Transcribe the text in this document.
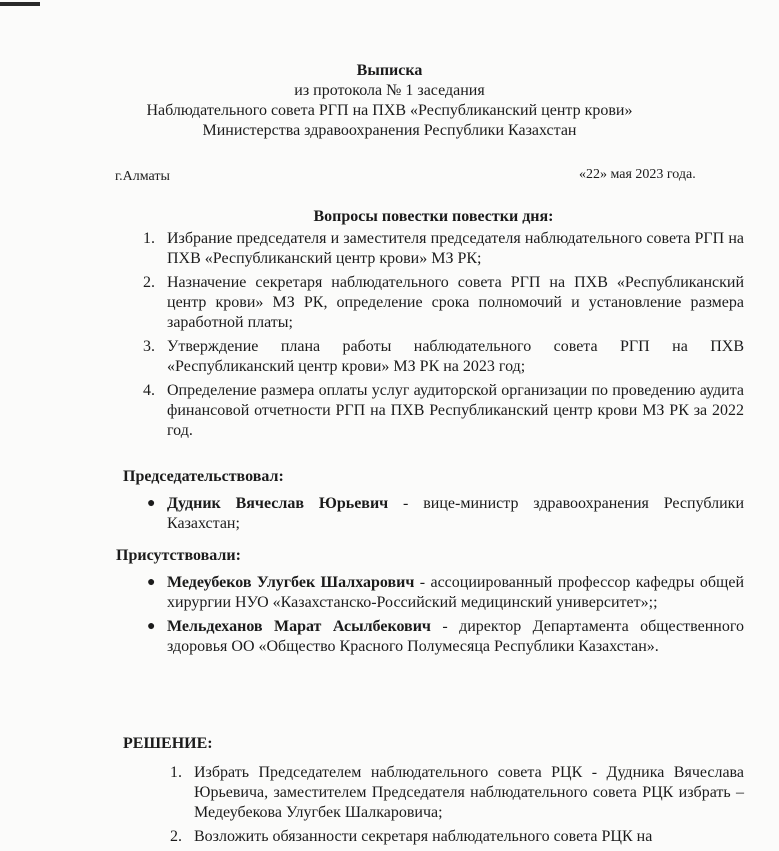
Выписка
из протокола № 1 заседания
Наблюдательного совета РГП на ПХВ «Республиканский центр крови»
Министерства здравоохранения Республики Казахстан
г.Алматы	«22» мая 2023 года.
Вопросы повестки повестки дня:
1. Избрание председателя и заместителя председателя наблюдательного совета РГП на ПХВ «Республиканский центр крови» МЗ РК;
2. Назначение секретаря наблюдательного совета РГП на ПХВ «Республиканский центр крови» МЗ РК, определение срока полномочий и установление размера заработной платы;
3. Утверждение плана работы наблюдательного совета РГП на ПХВ «Республиканский центр крови» МЗ РК на 2023 год;
4. Определение размера оплаты услуг аудиторской организации по проведению аудита финансовой отчетности РГП на ПХВ Республиканский центр крови МЗ РК за 2022 год.
Председательствовал:
● Дудник Вячеслав Юрьевич - вице-министр здравоохранения Республики Казахстан;
Присутствовали:
● Медеубеков Улугбек Шалхарович - ассоциированный профессор кафедры общей хирургии НУО «Казахстанско-Российский медицинский университет»;;
● Мельдеханов Марат Асылбекович - директор Департамента общественного здоровья ОО «Общество Красного Полумесяца Республики Казахстан».
РЕШЕНИЕ:
1. Избрать Председателем наблюдательного совета РЦК - Дудника Вячеслава Юрьевича, заместителем Председателя наблюдательного совета РЦК избрать – Медеубекова Улугбек Шалкаровича;
2. Возложить обязанности секретаря наблюдательного совета РЦК на
